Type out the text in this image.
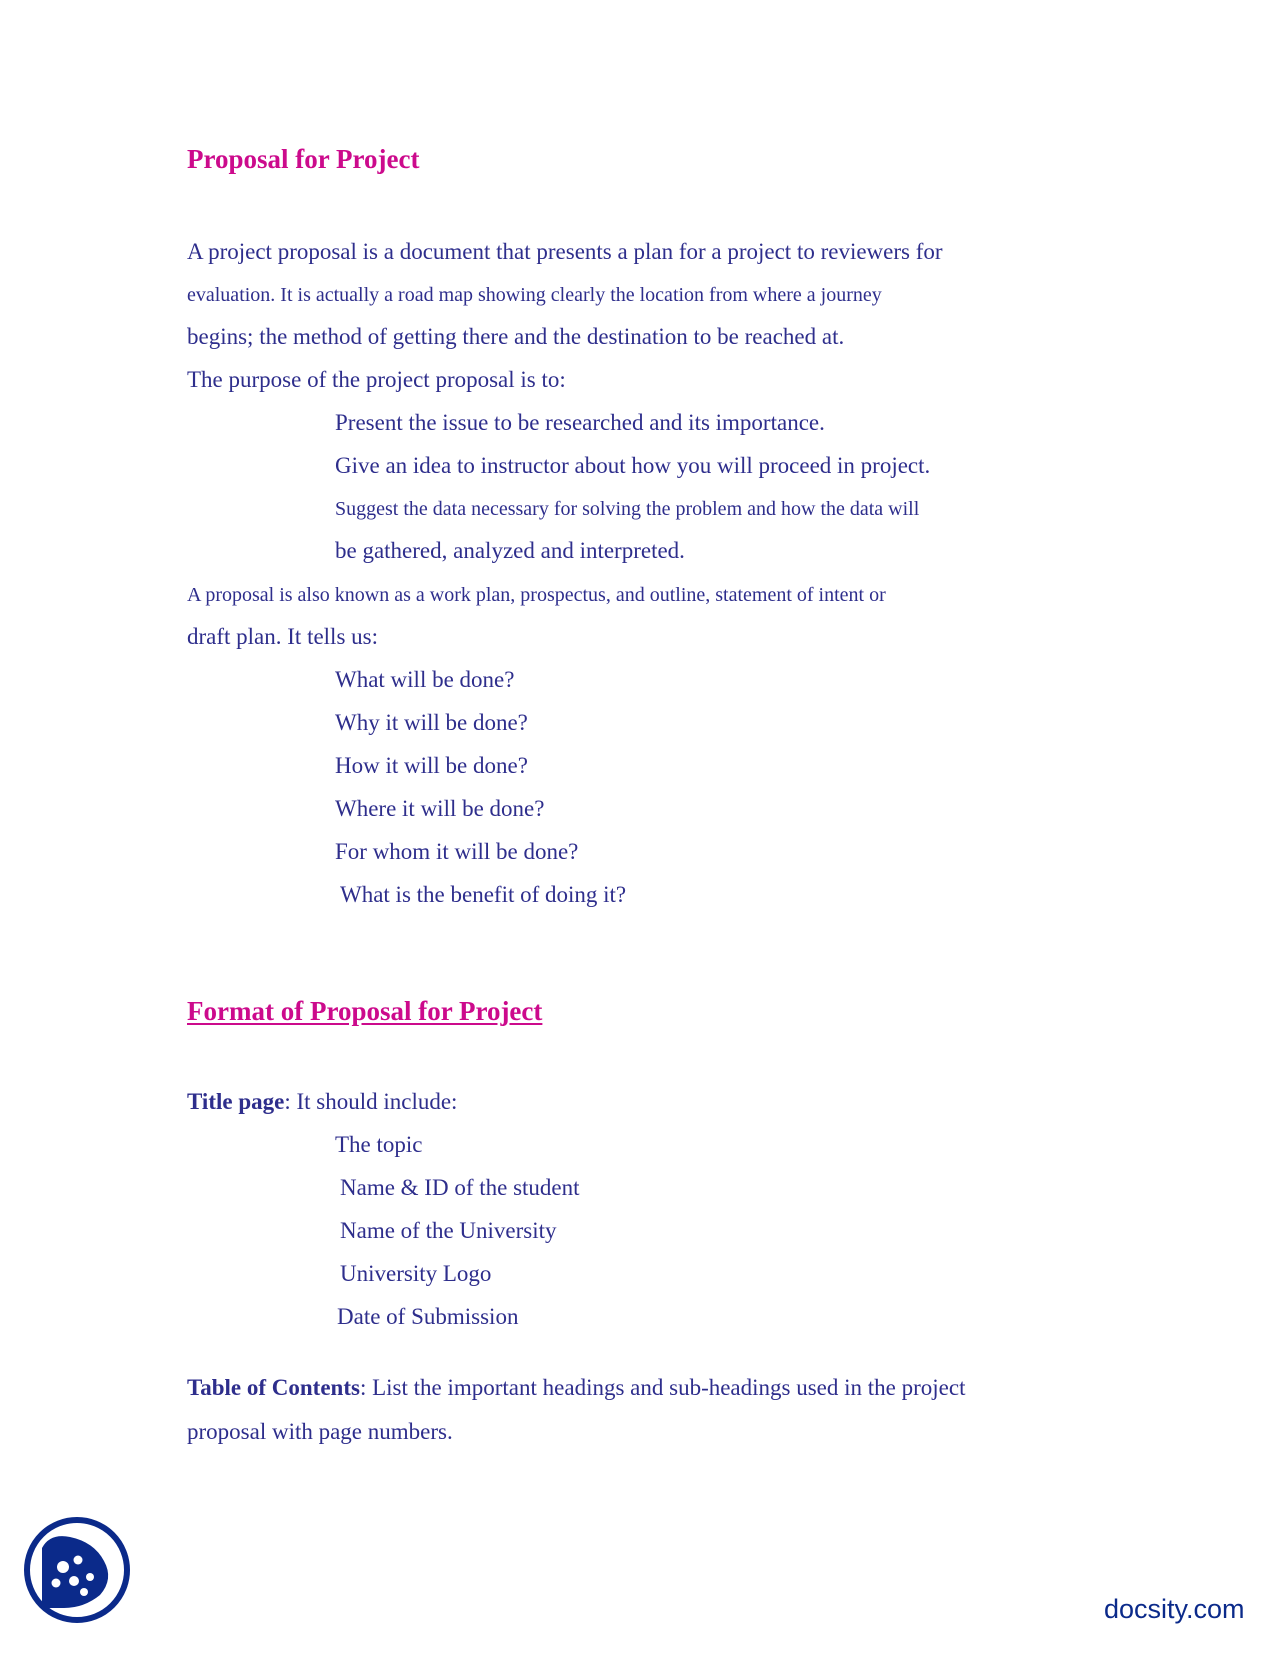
Proposal for Project
A project proposal is a document that presents a plan for a project to reviewers for
evaluation. It is actually a road map showing clearly the location from where a journey
begins; the method of getting there and the destination to be reached at.
The purpose of the project proposal is to:
Present the issue to be researched and its importance.
Give an idea to instructor about how you will proceed in project.
Suggest the data necessary for solving the problem and how the data will
be gathered, analyzed and interpreted.
A proposal is also known as a work plan, prospectus, and outline, statement of intent or
draft plan. It tells us:
What will be done?
Why it will be done?
How it will be done?
Where it will be done?
For whom it will be done?
What is the benefit of doing it?
Format of Proposal for Project
Title page: It should include:
The topic
Name & ID of the student
Name of the University
University Logo
Date of Submission
Table of Contents: List the important headings and sub-headings used in the project
proposal with page numbers.
docsity.com
